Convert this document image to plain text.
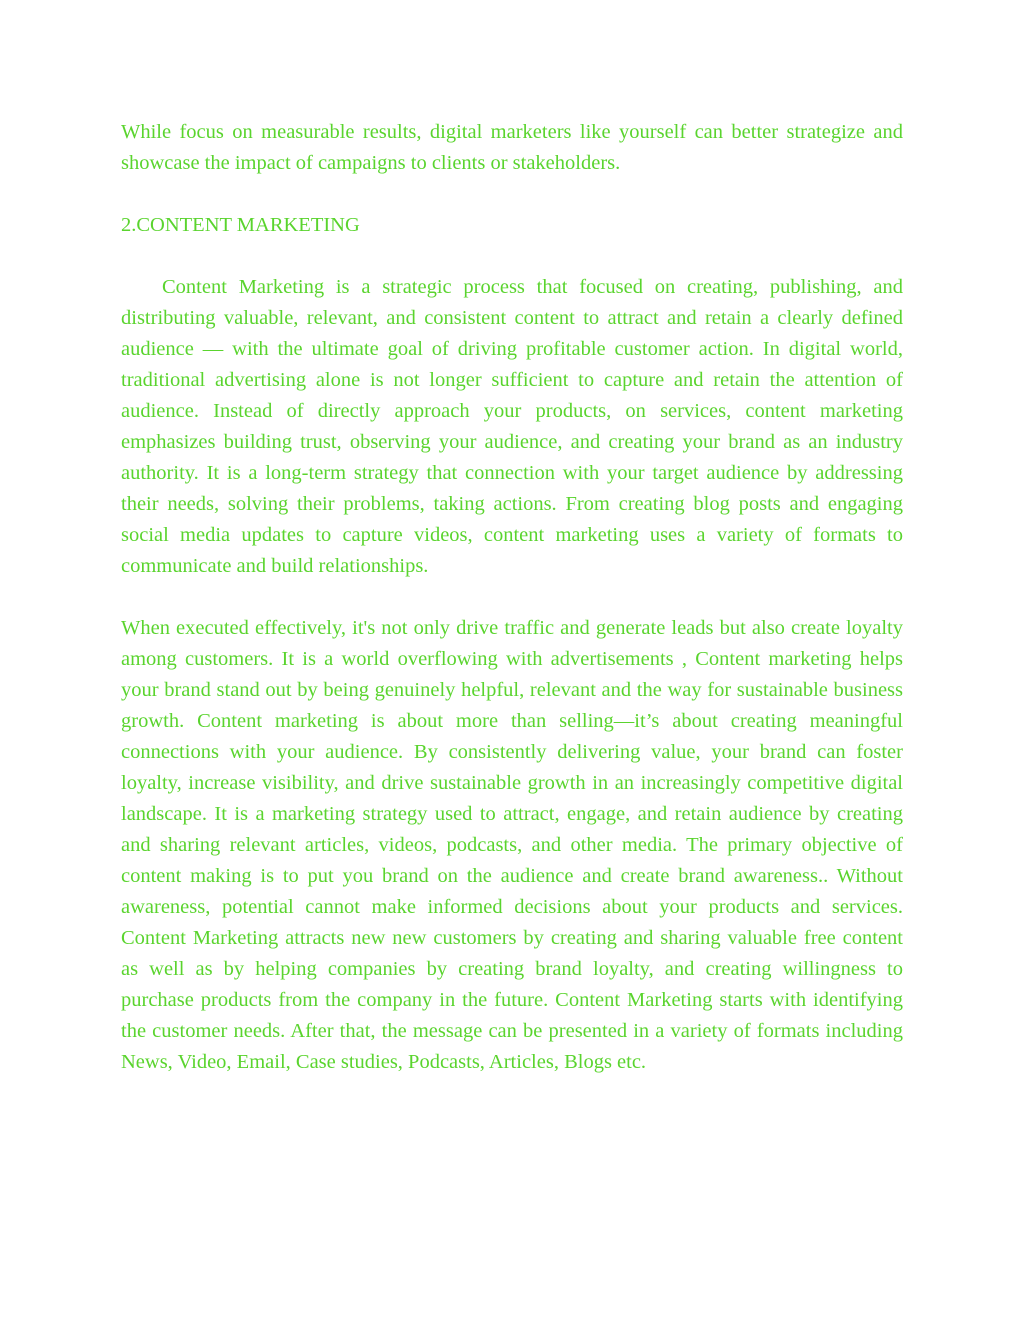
While focus on measurable results, digital marketers like yourself can better strategize and showcase the impact of campaigns to clients or stakeholders.

2.CONTENT MARKETING

Content Marketing is a strategic process that focused on creating, publishing, and distributing valuable, relevant, and consistent content to attract and retain a clearly defined audience — with the ultimate goal of driving profitable customer action. In digital world, traditional advertising alone is not longer sufficient to capture and retain the attention of audience. Instead of directly approach your products, on services, content marketing emphasizes building trust, observing your audience, and creating your brand as an industry authority. It is a long-term strategy that connection with your target audience by addressing their needs, solving their problems, taking actions. From creating blog posts and engaging social media updates to capture videos, content marketing uses a variety of formats to communicate and build relationships.

When executed effectively, it's not only drive traffic and generate leads but also create loyalty among customers. It is a world overflowing with advertisements , Content marketing helps your brand stand out by being genuinely helpful, relevant and the way for sustainable business growth. Content marketing is about more than selling—it’s about creating meaningful connections with your audience. By consistently delivering value, your brand can foster loyalty, increase visibility, and drive sustainable growth in an increasingly competitive digital landscape. It is a marketing strategy used to attract, engage, and retain audience by creating and sharing relevant articles, videos, podcasts, and other media. The primary objective of content making is to put you brand on the audience and create brand awareness.. Without awareness, potential cannot make informed decisions about your products and services. Content Marketing attracts new new customers by creating and sharing valuable free content as well as by helping companies by creating brand loyalty, and creating willingness to purchase products from the company in the future. Content Marketing starts with identifying the customer needs. After that, the message can be presented in a variety of formats including News, Video, Email, Case studies, Podcasts, Articles, Blogs etc.
